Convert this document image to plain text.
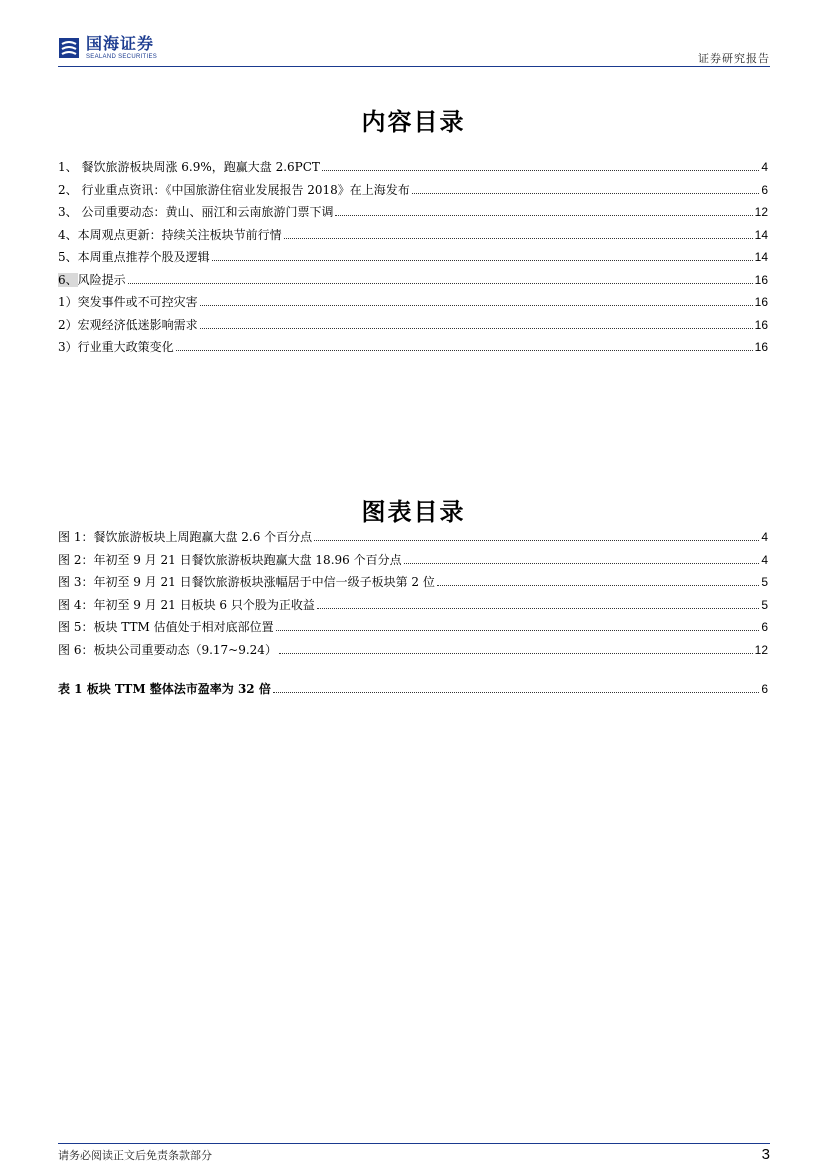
国海证券
SEALAND SECURITIES	证券研究报告
内容目录
1、 餐饮旅游板块周涨 6.9%，跑赢大盘 2.6PCT	4
2、 行业重点资讯：《中国旅游住宿业发展报告 2018》在上海发布	6
3、 公司重要动态：黄山、丽江和云南旅游门票下调	12
4、本周观点更新：持续关注板块节前行情	14
5、本周重点推荐个股及逻辑	14
6、风险提示	16
1）突发事件或不可控灾害	16
2）宏观经济低迷影响需求	16
3）行业重大政策变化	16
图表目录
图 1：餐饮旅游板块上周跑赢大盘 2.6 个百分点	4
图 2：年初至 9 月 21 日餐饮旅游板块跑赢大盘 18.96 个百分点	4
图 3：年初至 9 月 21 日餐饮旅游板块涨幅居于中信一级子板块第 2 位	5
图 4：年初至 9 月 21 日板块 6 只个股为正收益	5
图 5：板块 TTM 估值处于相对底部位置	6
图 6：板块公司重要动态（9.17~9.24）	12
表 1 板块 TTM 整体法市盈率为 32 倍	6
请务必阅读正文后免责条款部分	3
